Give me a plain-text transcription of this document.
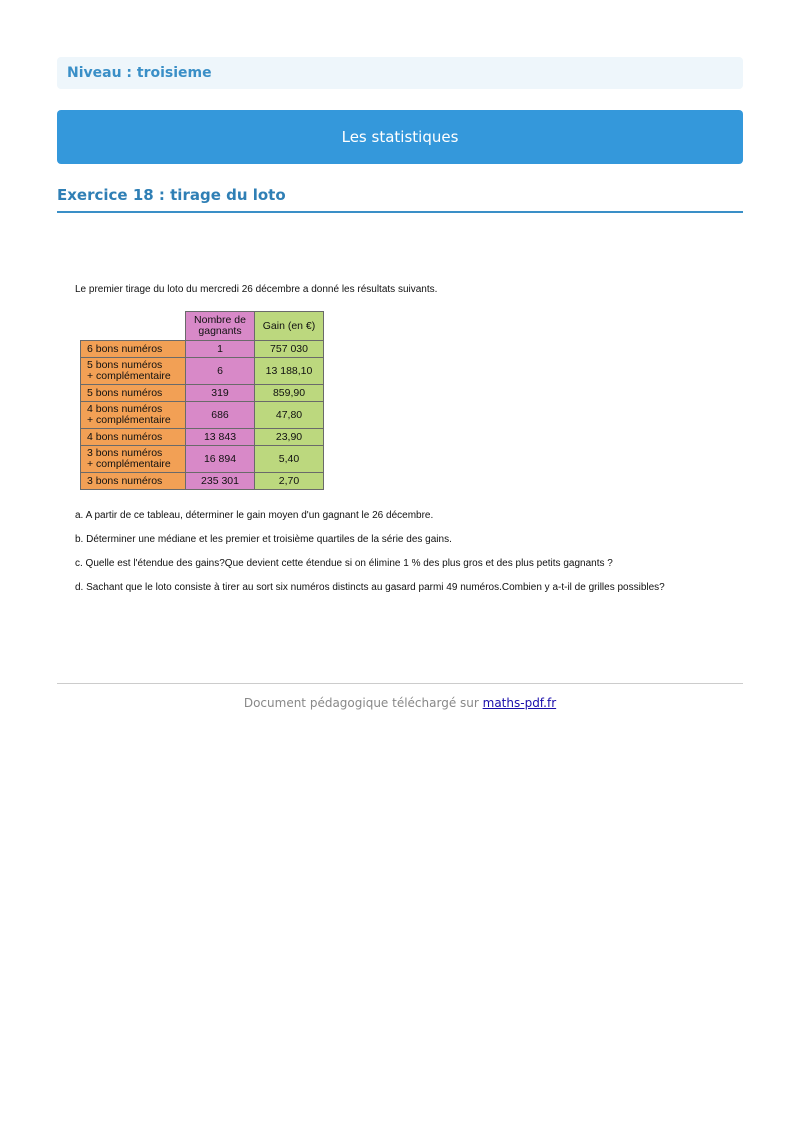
Niveau : troisieme
Les statistiques
Exercice 18 : tirage du loto

Le premier tirage du loto du mercredi 26 décembre a donné les résultats suivants.

	Nombre de gagnants	Gain (en €)
6 bons numéros	1	757 030
5 bons numéros
+ complémentaire	6	13 188,10
5 bons numéros	319	859,90
4 bons numéros
+ complémentaire	686	47,80
4 bons numéros	13 843	23,90
3 bons numéros
+ complémentaire	16 894	5,40
3 bons numéros	235 301	2,70

a. A partir de ce tableau, déterminer le gain moyen d'un gagnant le 26 décembre.

b. Déterminer une médiane et les premier et troisième quartiles de la série des gains.

c. Quelle est l'étendue des gains?Que devient cette étendue si on élimine 1 % des plus gros et des plus petits gagnants ?

d. Sachant que le loto consiste à tirer au sort six numéros distincts au gasard parmi 49 numéros.Combien y a-t-il de grilles possibles?

Document pédagogique téléchargé sur maths-pdf.fr
